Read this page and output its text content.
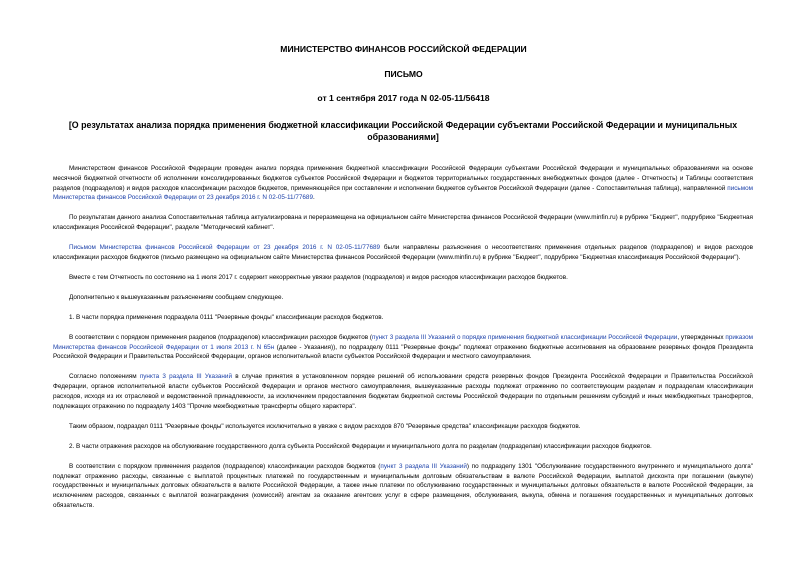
МИНИСТЕРСТВО ФИНАНСОВ РОССИЙСКОЙ ФЕДЕРАЦИИ
ПИСЬМО
от 1 сентября 2017 года N 02-05-11/56418
[О результатах анализа порядка применения бюджетной классификации Российской Федерации субъектами Российской Федерации и муниципальных образованиями]

Министерством финансов Российской Федерации проведен анализ порядка применения бюджетной классификации Российской Федерации субъектами Российской Федерации и муниципальных образованиями на основе месячной бюджетной отчетности об исполнении консолидированных бюджетов субъектов Российской Федерации и бюджетов территориальных государственных внебюджетных фондов (далее - Отчетность) и Таблицы соответствия разделов (подразделов) и видов расходов классификации расходов бюджетов, применяющейся при составлении и исполнении бюджетов субъектов Российской Федерации (далее - Сопоставительная таблица), направленной письмом Министерства финансов Российской Федерации от 23 декабря 2016 г. N 02-05-11/77689.

По результатам данного анализа Сопоставительная таблица актуализирована и переразмещена на официальном сайте Министерства финансов Российской Федерации (www.minfin.ru) в рубрике "Бюджет", подрубрике "Бюджетная классификация Российской Федерации", разделе "Методический кабинет".

Письмом Министерства финансов Российской Федерации от 23 декабря 2016 г. N 02-05-11/77689 были направлены разъяснения о несоответствиях применения отдельных разделов (подразделов) и видов расходов классификации расходов бюджетов (письмо размещено на официальном сайте Министерства финансов Российской Федерации (www.minfin.ru) в рубрике "Бюджет", подрубрике "Бюджетная классификация Российской Федерации").

Вместе с тем Отчетность по состоянию на 1 июля 2017 г. содержит некорректные увязки разделов (подразделов) и видов расходов классификации расходов бюджетов.

Дополнительно к вышеуказанным разъяснениям сообщаем следующее.

1. В части порядка применения подраздела 0111 "Резервные фонды" классификации расходов бюджетов.

В соответствии с порядком применения разделов (подразделов) классификации расходов бюджетов (пункт 3 раздела III Указаний о порядке применения бюджетной классификации Российской Федерации, утвержденных приказом Министерства финансов Российской Федерации от 1 июля 2013 г. N 65н (далее - Указания)), по подразделу 0111 "Резервные фонды" подлежат отражению бюджетные ассигнования на образование резервных фондов Президента Российской Федерации и Правительства Российской Федерации, органов исполнительной власти субъектов Российской Федерации и местного самоуправления.

Согласно положениям пункта 3 раздела III Указаний в случае принятия в установленном порядке решений об использовании средств резервных фондов Президента Российской Федерации и Правительства Российской Федерации, органов исполнительной власти субъектов Российской Федерации и органов местного самоуправления, вышеуказанные расходы подлежат отражению по соответствующим разделам и подразделам классификации расходов, исходя из их отраслевой и ведомственной принадлежности, за исключением предоставления бюджетам бюджетной системы Российской Федерации по отдельным решениям субсидий и иных межбюджетных трансфертов, подлежащих отражению по подразделу 1403 "Прочие межбюджетные трансферты общего характера".

Таким образом, подраздел 0111 "Резервные фонды" используется исключительно в увязке с видом расходов 870 "Резервные средства" классификации расходов бюджетов.

2. В части отражения расходов на обслуживание государственного долга субъекта Российской Федерации и муниципального долга по разделам (подразделам) классификации расходов бюджетов.

В соответствии с порядком применения разделов (подразделов) классификации расходов бюджетов (пункт 3 раздела III Указаний) по подразделу 1301 "Обслуживание государственного внутреннего и муниципального долга" подлежат отражению расходы, связанные с выплатой процентных платежей по государственным и муниципальным долговым обязательствам в валюте Российской Федерации, выплатой дисконта при погашении (выкупе) государственных и муниципальных долговых обязательств в валюте Российской Федерации, а также иные платежи по обслуживанию государственных и муниципальных долговых обязательств в валюте Российской Федерации, за исключением расходов, связанных с выплатой вознаграждения (комиссий) агентам за оказание агентских услуг в сфере размещения, обслуживания, выкупа, обмена и погашения государственных и муниципальных долговых обязательств.
